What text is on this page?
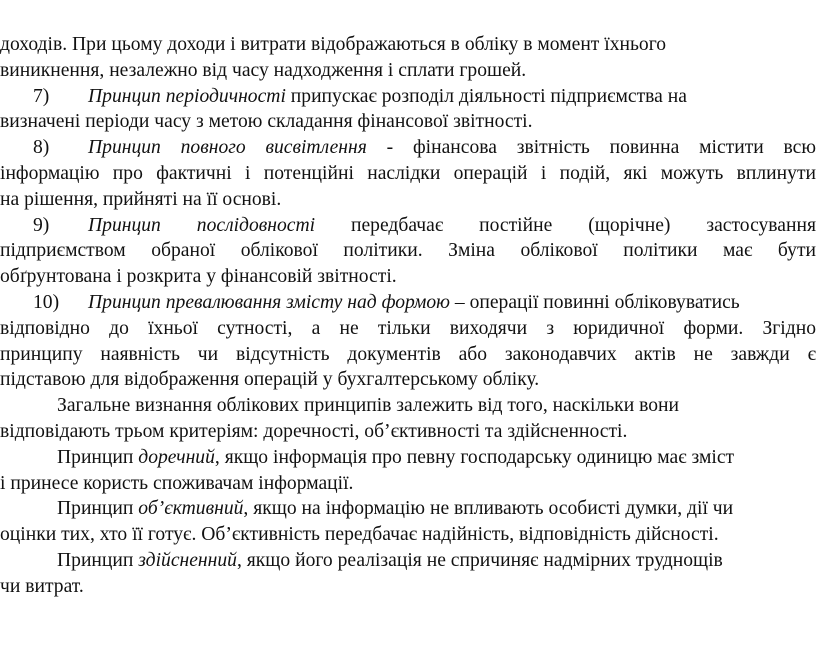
доходів. При цьому доходи і витрати відображаються в обліку в момент їхнього
виникнення, незалежно від часу надходження і сплати грошей.
7) Принцип періодичності припускає розподіл діяльності підприємства на
визначені періоди часу з метою складання фінансової звітності.
8) Принцип повного висвітлення - фінансова звітність повинна містити всю
інформацію про фактичні і потенційні наслідки операцій і подій, які можуть вплинути
на рішення, прийняті на її основі.
9) Принцип послідовності передбачає постійне (щорічне) застосування
підприємством обраної облікової політики. Зміна облікової політики має бути
обґрунтована і розкрита у фінансовій звітності.
10) Принцип превалювання змісту над формою – операції повинні обліковуватись
відповідно до їхньої сутності, а не тільки виходячи з юридичної форми. Згідно
принципу наявність чи відсутність документів або законодавчих актів не завжди є
підставою для відображення операцій у бухгалтерському обліку.
Загальне визнання облікових принципів залежить від того, наскільки вони
відповідають трьом критеріям: доречності, об’єктивності та здійсненності.
Принцип доречний, якщо інформація про певну господарську одиницю має зміст
і принесе користь споживачам інформації.
Принцип об’єктивний, якщо на інформацію не впливають особисті думки, дії чи
оцінки тих, хто її готує. Об’єктивність передбачає надійність, відповідність дійсності.
Принцип здійсненний, якщо його реалізація не спричиняє надмірних труднощів
чи витрат.
